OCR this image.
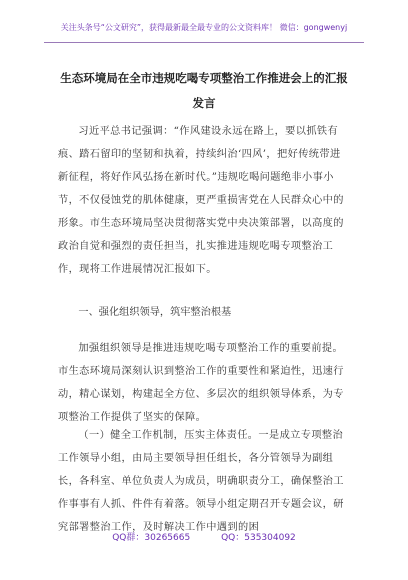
关注头条号“公文研究”，获得最新最全最专业的公文资料库！ 微信：gongwenyj
生态环境局在全市违规吃喝专项整治工作推进会上的汇报发言

习近平总书记强调：“作风建设永远在路上，要以抓铁有痕、踏石留印的坚韧和执着，持续纠治‘四风’，把好传统带进新征程，将好作风弘扬在新时代。”违规吃喝问题绝非小事小节，不仅侵蚀党的肌体健康，更严重损害党在人民群众心中的形象。市生态环境局坚决贯彻落实党中央决策部署，以高度的政治自觉和强烈的责任担当，扎实推进违规吃喝专项整治工作，现将工作进展情况汇报如下。

一、强化组织领导，筑牢整治根基

加强组织领导是推进违规吃喝专项整治工作的重要前提。市生态环境局深刻认识到整治工作的重要性和紧迫性，迅速行动，精心谋划，构建起全方位、多层次的组织领导体系，为专项整治工作提供了坚实的保障。

（一）健全工作机制，压实主体责任。一是成立专项整治工作领导小组，由局主要领导担任组长，各分管领导为副组长，各科室、单位负责人为成员，明确职责分工，确保整治工作事事有人抓、件件有着落。领导小组定期召开专题会议，研究部署整治工作，及时解决工作中遇到的困

QQ群：30265665	QQ：535304092
